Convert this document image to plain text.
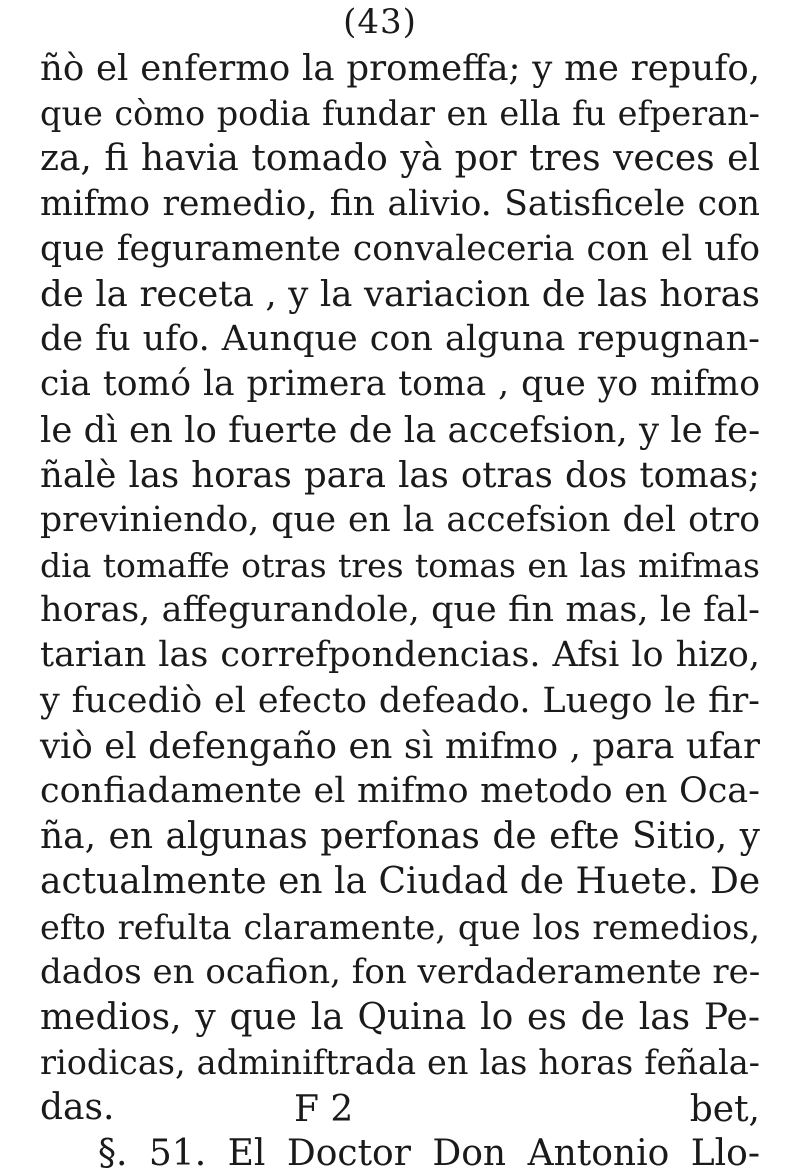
(43)
ñò el enfermo la promeffa; y me repufo,
que còmo podia fundar en ella fu efperan-
za, fi havia tomado yà por tres veces el
mifmo remedio, fin alivio. Satisficele con
que feguramente convaleceria con el ufo
de la receta , y la variacion de las horas
de fu ufo. Aunque con alguna repugnan-
cia tomó la primera toma , que yo mifmo
le dì en lo fuerte de la accefsion, y le fe-
ñalè las horas para las otras dos tomas;
previniendo, que en la accefsion del otro
dia tomaffe otras tres tomas en las mifmas
horas, affegurandole, que fin mas, le fal-
tarian las correfpondencias. Afsi lo hizo,
y fucediò el efecto defeado. Luego le fir-
viò el defengaño en sì mifmo , para ufar
confiadamente el mifmo metodo en Oca-
ña, en algunas perfonas de efte Sitio, y
actualmente en la Ciudad de Huete. De
efto refulta claramente, que los remedios,
dados en ocafion, fon verdaderamente re-
medios, y que la Quina lo es de las Pe-
riodicas, adminiftrada en las horas feñala-
das.
§. 51. El Doctor Don Antonio Llo-
F 2	bet,
